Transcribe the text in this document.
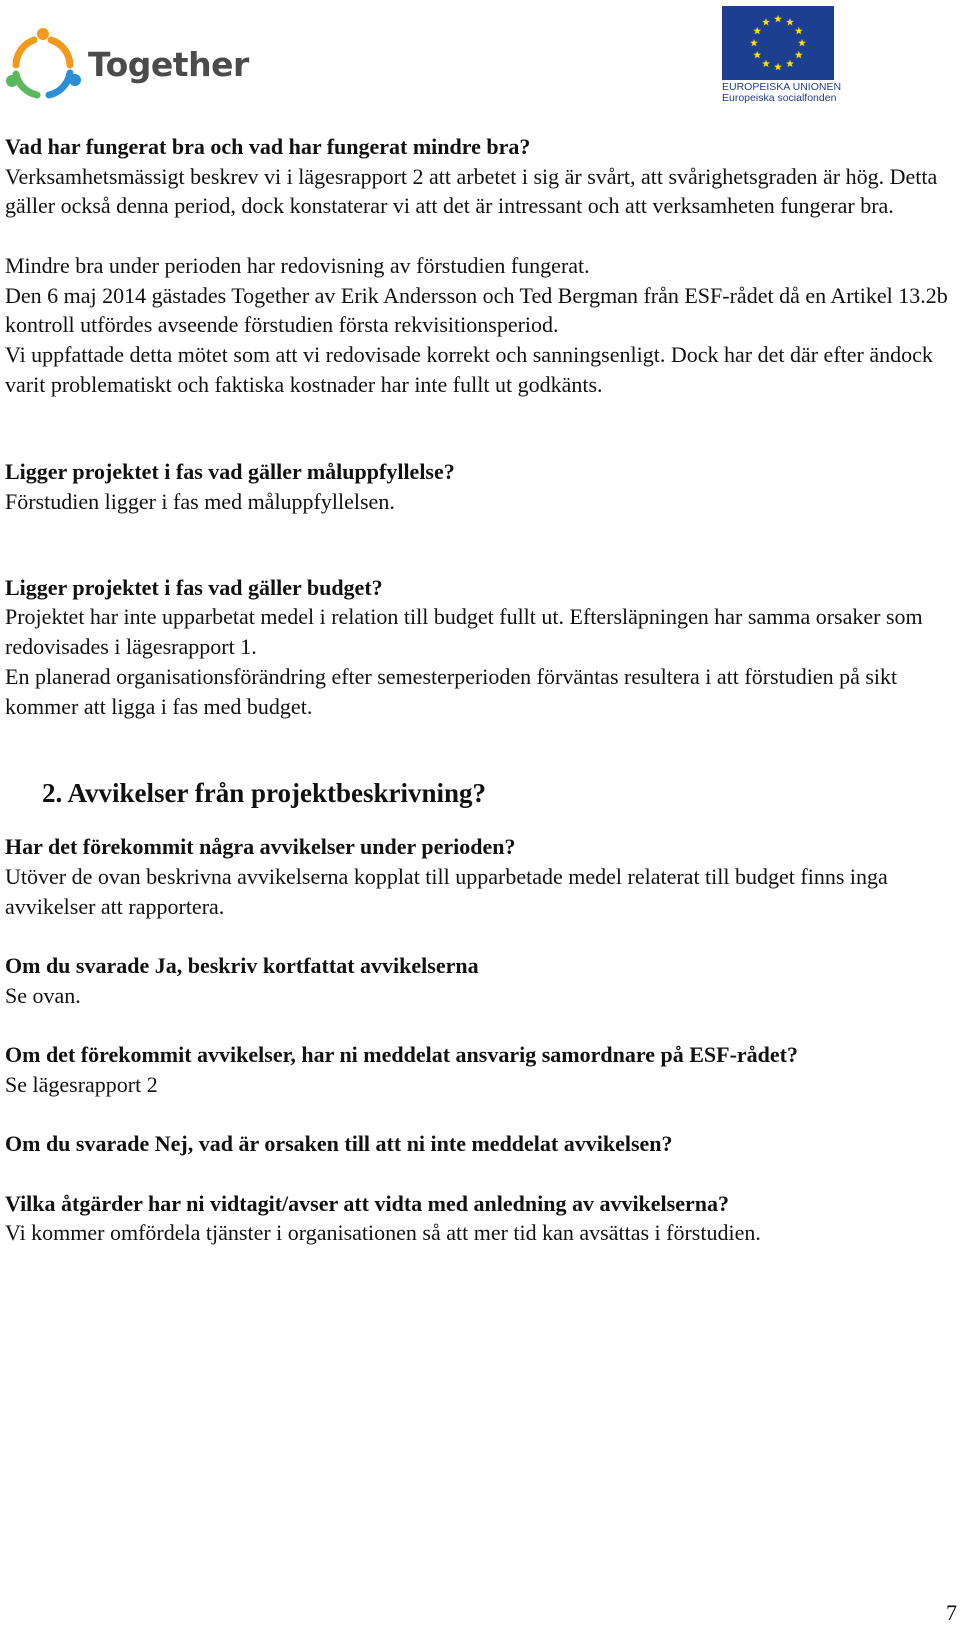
Together
EUROPEISKA UNIONEN
Europeiska socialfonden

Vad har fungerat bra och vad har fungerat mindre bra?

Verksamhetsmässigt beskrev vi i lägesrapport 2 att arbetet i sig är svårt, att svårighetsgraden är hög. Detta gäller också denna period, dock konstaterar vi att det är intressant och att verksamheten fungerar bra.

Mindre bra under perioden har redovisning av förstudien fungerat.

Den 6 maj 2014 gästades Together av Erik Andersson och Ted Bergman från ESF-rådet då en Artikel 13.2b kontroll utfördes avseende förstudien första rekvisitionsperiod.

Vi uppfattade detta mötet som att vi redovisade korrekt och sanningsenligt. Dock har det där efter ändock varit problematiskt och faktiska kostnader har inte fullt ut godkänts.

Ligger projektet i fas vad gäller måluppfyllelse?

Förstudien ligger i fas med måluppfyllelsen.

Ligger projektet i fas vad gäller budget?

Projektet har inte upparbetat medel i relation till budget fullt ut. Eftersläpningen har samma orsaker som redovisades i lägesrapport 1.

En planerad organisationsförändring efter semesterperioden förväntas resultera i att förstudien på sikt kommer att ligga i fas med budget.

2. Avvikelser från projektbeskrivning?

Har det förekommit några avvikelser under perioden?

Utöver de ovan beskrivna avvikelserna kopplat till upparbetade medel relaterat till budget finns inga avvikelser att rapportera.

Om du svarade Ja, beskriv kortfattat avvikelserna

Se ovan.

Om det förekommit avvikelser, har ni meddelat ansvarig samordnare på ESF-rådet?

Se lägesrapport 2

Om du svarade Nej, vad är orsaken till att ni inte meddelat avvikelsen?

Vilka åtgärder har ni vidtagit/avser att vidta med anledning av avvikelserna?

Vi kommer omfördela tjänster i organisationen så att mer tid kan avsättas i förstudien.

7
